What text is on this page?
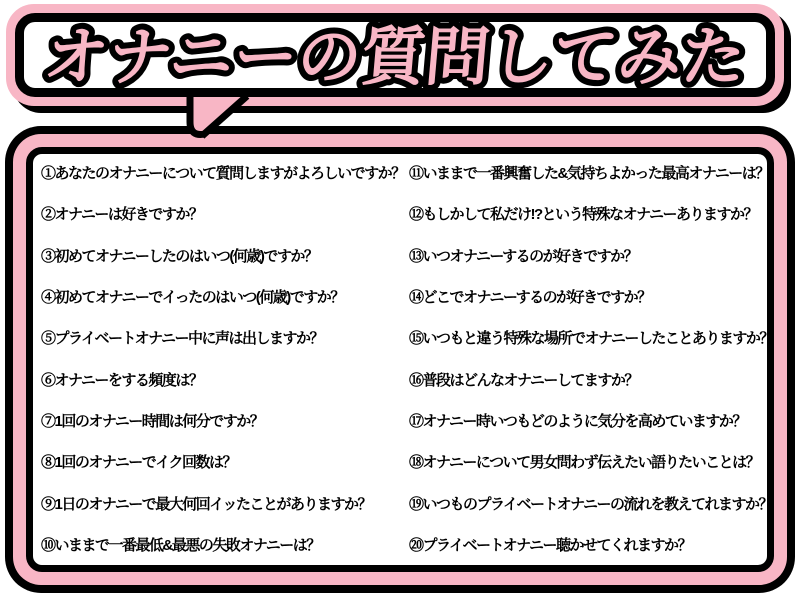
オナニーの質問してみた
①あなたのオナニーについて質問しますがよろしいですか？
②オナニーは好きですか？
③初めてオナニーしたのはいつ(何歳)ですか？
④初めてオナニーでイったのはいつ(何歳)ですか？
⑤プライベートオナニー中に声は出しますか？
⑥オナニーをする頻度は？
⑦1回のオナニー時間は何分ですか？
⑧1回のオナニーでイク回数は？
⑨1日のオナニーで最大何回イッたことがありますか？
⑩いままで一番最低&最悪の失敗オナニーは？
⑪いままで一番興奮した&気持ちよかった最高オナニーは？
⑫もしかして私だけ!?という特殊なオナニーありますか？
⑬いつオナニーするのが好きですか？
⑭どこでオナニーするのが好きですか？
⑮いつもと違う特殊な場所でオナニーしたことありますか？
⑯普段はどんなオナニーしてますか？
⑰オナニー時いつもどのように気分を高めていますか？
⑱オナニーについて男女問わず伝えたい語りたいことは？
⑲いつものプライベートオナニーの流れを教えてれますか？
⑳プライベートオナニー聴かせてくれますか？
